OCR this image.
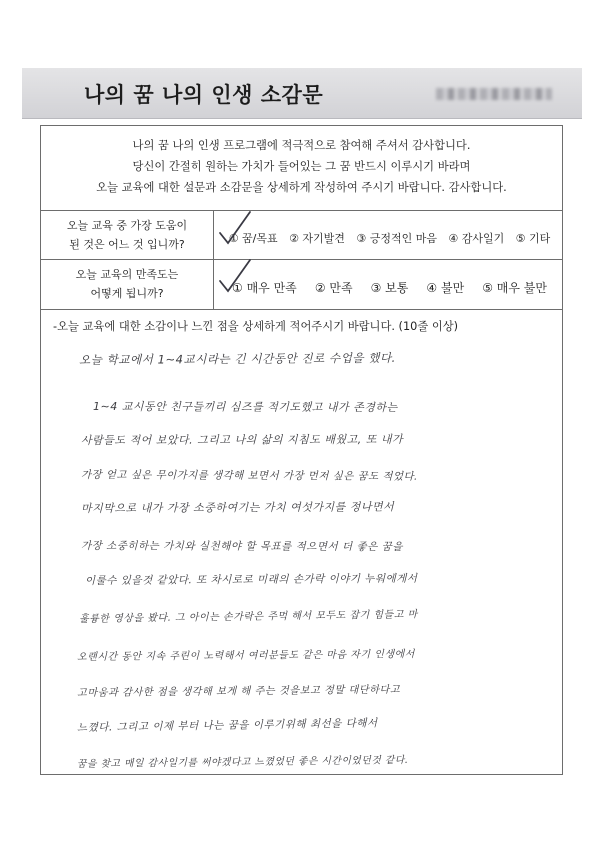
나의 꿈 나의 인생 소감문
나의 꿈 나의 인생 프로그램에 적극적으로 참여해 주셔서 감사합니다.
당신이 간절히 원하는 가치가 들어있는 그 꿈 반드시 이루시기 바라며
오늘 교육에 대한 설문과 소감문을 상세하게 작성하여 주시기 바랍니다. 감사합니다.
오늘 교육 중 가장 도움이
된 것은 어느 것 입니까?	① 꿈/목표 ② 자기발견 ③ 긍정적인 마음 ④ 감사일기 ⑤ 기타
오늘 교육의 만족도는
어떻게 됩니까?	① 매우 만족 ② 만족 ③ 보통 ④ 불만 ⑤ 매우 불만
-오늘 교육에 대한 소감이나 느낀 점을 상세하게 적어주시기 바랍니다. (10줄 이상)
오늘 학교에서 1~4교시라는 긴 시간동안 진로 수업을 했다.
1~4 교시동안 친구들끼리 심즈를 적기도했고 내가 존경하는
사람들도 적어 보았다. 그리고 나의 삶의 지침도 배웠고, 또 내가
가장 얻고 싶은 무이가지를 생각해 보면서 가장 먼저 싶은 꿈도 적었다.
마지막으로 내가 가장 소중하여기는 가치 여섯가지를 정나면서
가장 소중히하는 가치와 실천해야 할 목표를 적으면서 더 좋은 꿈을
이룰수 있을것 같았다. 또 차시로로 미래의 손가락 이야기 누워에게서
훌륭한 영상을 봤다. 그 아이는 손가락은 주먹 해서 모두도 잡기 힘들고 마
오랜시간 동안 지속 주린이 노력해서 여러분들도 같은 마음 자기 인생에서
고마움과 감사한 점을 생각해 보게 해 주는 것을보고 정말 대단하다고
느꼈다. 그리고 이제 부터 나는 꿈을 이루기위해 최선을 다해서
꿈을 찾고 매일 감사일기를 써야겠다고 느꼈었던 좋은 시간이었던것 같다.
